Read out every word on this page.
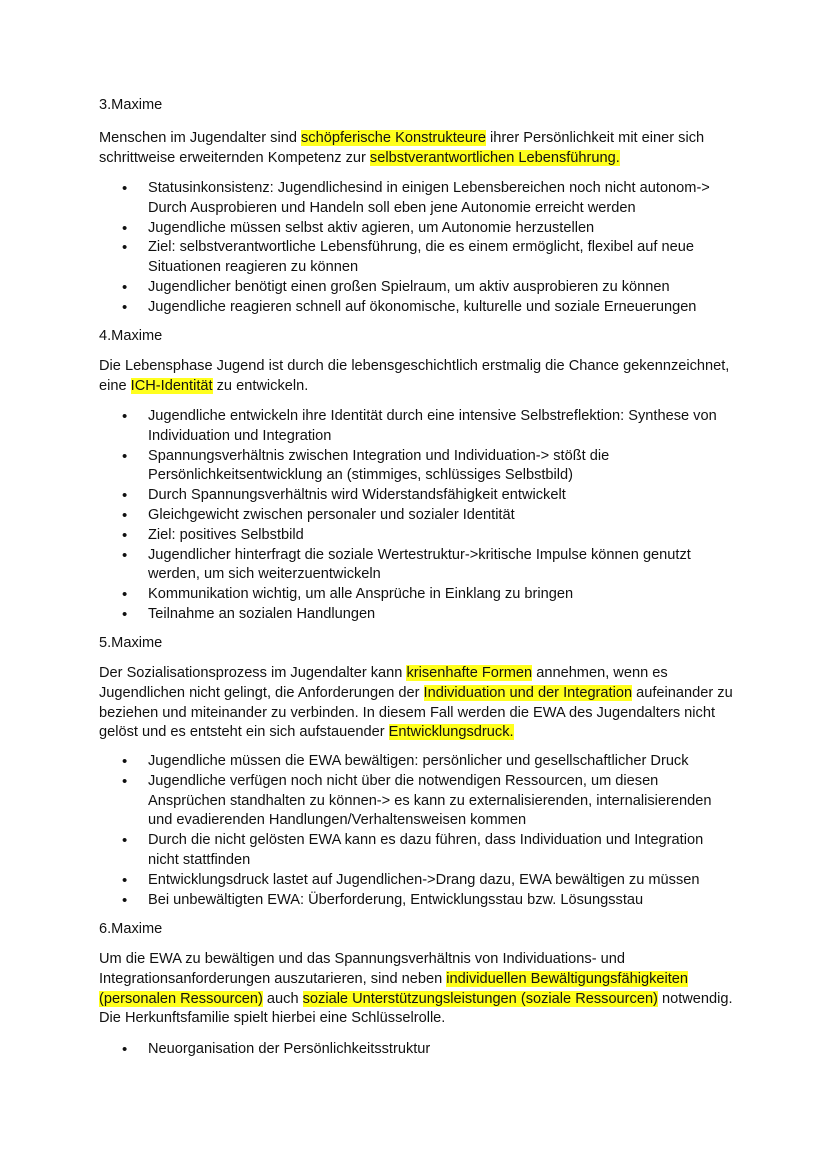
3.Maxime

Menschen im Jugendalter sind schöpferische Konstrukteure ihrer Persönlichkeit mit einer sich schrittweise erweiternden Kompetenz zur selbstverantwortlichen Lebensführung.

• Statusinkonsistenz: Jugendlichesind in einigen Lebensbereichen noch nicht autonom-> Durch Ausprobieren und Handeln soll eben jene Autonomie erreicht werden
• Jugendliche müssen selbst aktiv agieren, um Autonomie herzustellen
• Ziel: selbstverantwortliche Lebensführung, die es einem ermöglicht, flexibel auf neue Situationen reagieren zu können
• Jugendlicher benötigt einen großen Spielraum, um aktiv ausprobieren zu können
• Jugendliche reagieren schnell auf ökonomische, kulturelle und soziale Erneuerungen

4.Maxime

Die Lebensphase Jugend ist durch die lebensgeschichtlich erstmalig die Chance gekennzeichnet, eine ICH-Identität zu entwickeln.

• Jugendliche entwickeln ihre Identität durch eine intensive Selbstreflektion: Synthese von Individuation und Integration
• Spannungsverhältnis zwischen Integration und Individuation-> stößt die Persönlichkeitsentwicklung an (stimmiges, schlüssiges Selbstbild)
• Durch Spannungsverhältnis wird Widerstandsfähigkeit entwickelt
• Gleichgewicht zwischen personaler und sozialer Identität
• Ziel: positives Selbstbild
• Jugendlicher hinterfragt die soziale Wertestruktur->kritische Impulse können genutzt werden, um sich weiterzuentwickeln
• Kommunikation wichtig, um alle Ansprüche in Einklang zu bringen
• Teilnahme an sozialen Handlungen

5.Maxime

Der Sozialisationsprozess im Jugendalter kann krisenhafte Formen annehmen, wenn es Jugendlichen nicht gelingt, die Anforderungen der Individuation und der Integration aufeinander zu beziehen und miteinander zu verbinden. In diesem Fall werden die EWA des Jugendalters nicht gelöst und es entsteht ein sich aufstauender Entwicklungsdruck.

• Jugendliche müssen die EWA bewältigen: persönlicher und gesellschaftlicher Druck
• Jugendliche verfügen noch nicht über die notwendigen Ressourcen, um diesen Ansprüchen standhalten zu können-> es kann zu externalisierenden, internalisierenden und evadierenden Handlungen/Verhaltensweisen kommen
• Durch die nicht gelösten EWA kann es dazu führen, dass Individuation und Integration nicht stattfinden
• Entwicklungsdruck lastet auf Jugendlichen->Drang dazu, EWA bewältigen zu müssen
• Bei unbewältigten EWA: Überforderung, Entwicklungsstau bzw. Lösungsstau

6.Maxime

Um die EWA zu bewältigen und das Spannungsverhältnis von Individuations- und Integrationsanforderungen auszutarieren, sind neben individuellen Bewältigungsfähigkeiten (personalen Ressourcen) auch soziale Unterstützungsleistungen (soziale Ressourcen) notwendig. Die Herkunftsfamilie spielt hierbei eine Schlüsselrolle.

• Neuorganisation der Persönlichkeitsstruktur
